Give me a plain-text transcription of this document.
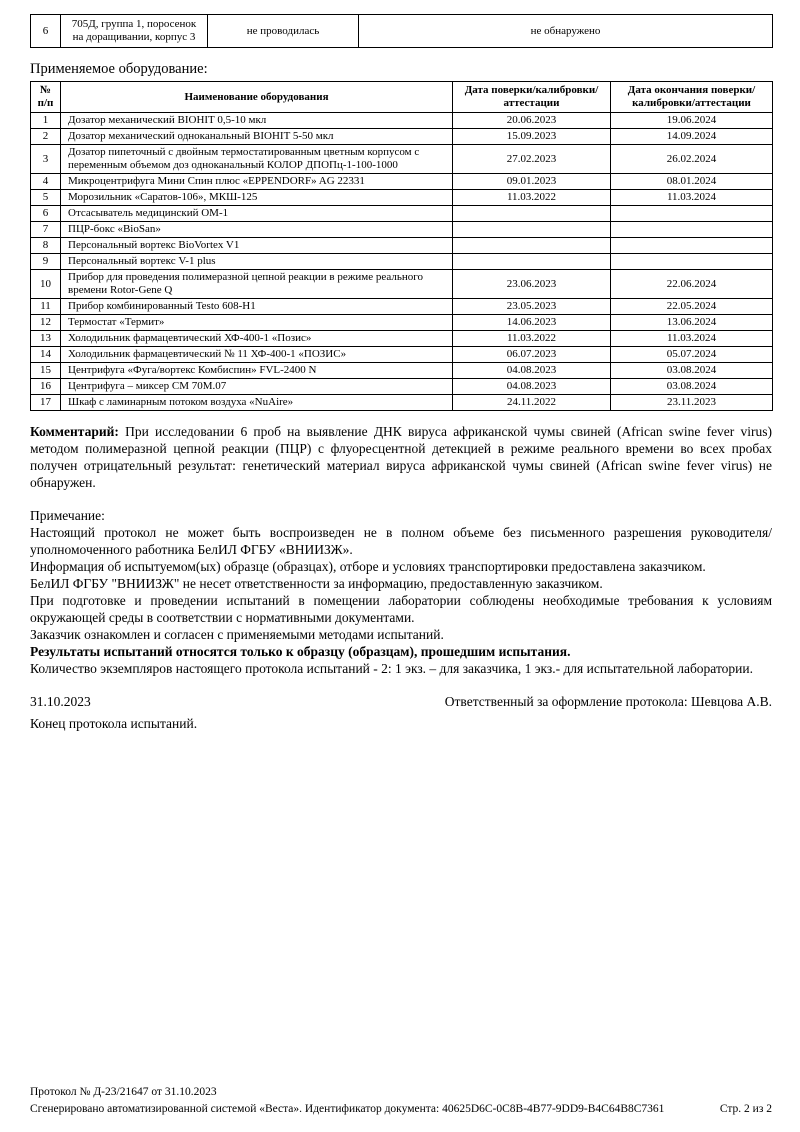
6	705Д, группа 1, поросенок на доращивании, корпус 3	не проводилась	не обнаружено
Применяемое оборудование:
№ п/п	Наименование оборудования	Дата поверки/калибровки/аттестации	Дата окончания поверки/калибровки/аттестации
1	Дозатор механический BIOHIT 0,5-10 мкл	20.06.2023	19.06.2024
2	Дозатор механический одноканальный BIOHIT 5-50 мкл	15.09.2023	14.09.2024
3	Дозатор пипеточный с двойным термостатированным цветным корпусом с переменным объемом доз одноканальный КОЛОР ДПОПц-1-100-1000	27.02.2023	26.02.2024
4	Микроцентрифуга Мини Спин плюс «EPPENDORF» AG 22331	09.01.2023	08.01.2024
5	Морозильник «Саратов-106», МКШ-125	11.03.2022	11.03.2024
6	Отсасыватель медицинский ОМ-1		
7	ПЦР-бокс «BioSan»		
8	Персональный вортекс BioVortex V1		
9	Персональный вортекс V-1 plus		
10	Прибор для проведения полимеразной цепной реакции в режиме реального времени Rotor-Gene Q	23.06.2023	22.06.2024
11	Прибор комбинированный Testo 608-H1	23.05.2023	22.05.2024
12	Термостат «Термит»	14.06.2023	13.06.2024
13	Холодильник фармацевтический ХФ-400-1 «Позис»	11.03.2022	11.03.2024
14	Холодильник фармацевтический № 11 ХФ-400-1 «ПОЗИС»	06.07.2023	05.07.2024
15	Центрифуга «Фуга/вортекс Комбиспин» FVL-2400 N	04.08.2023	03.08.2024
16	Центрифуга – миксер СМ 70М.07	04.08.2023	03.08.2024
17	Шкаф с ламинарным потоком воздуха «NuAire»	24.11.2022	23.11.2023

Комментарий: При исследовании 6 проб на выявление ДНК вируса африканской чумы свиней (African swine fever virus) методом полимеразной цепной реакции (ПЦР) с флуоресцентной детекцией в режиме реального времени во всех пробах получен отрицательный результат: генетический материал вируса африканской чумы свиней (African swine fever virus) не обнаружен.

Примечание:

Настоящий протокол не может быть воспроизведен не в полном объеме без письменного разрешения руководителя/уполномоченного работника БелИЛ ФГБУ «ВНИИЗЖ».

Информация об испытуемом(ых) образце (образцах), отборе и условиях транспортировки предоставлена заказчиком.

БелИЛ ФГБУ "ВНИИЗЖ" не несет ответственности за информацию, предоставленную заказчиком.

При подготовке и проведении испытаний в помещении лаборатории соблюдены необходимые требования к условиям окружающей среды в соответствии с нормативными документами.

Заказчик ознакомлен и согласен с применяемыми методами испытаний.

Результаты испытаний относятся только к образцу (образцам), прошедшим испытания.

Количество экземпляров настоящего протокола испытаний - 2: 1 экз. – для заказчика, 1 экз.- для испытательной лаборатории.

31.10.2023	Ответственный за оформление протокола: Шевцова А.В.
Конец протокола испытаний.
Протокол № Д-23/21647 от 31.10.2023
Сгенерировано автоматизированной системой «Веста». Идентификатор документа: 40625D6C-0C8B-4B77-9DD9-B4C64B8C7361	Стр. 2 из 2
